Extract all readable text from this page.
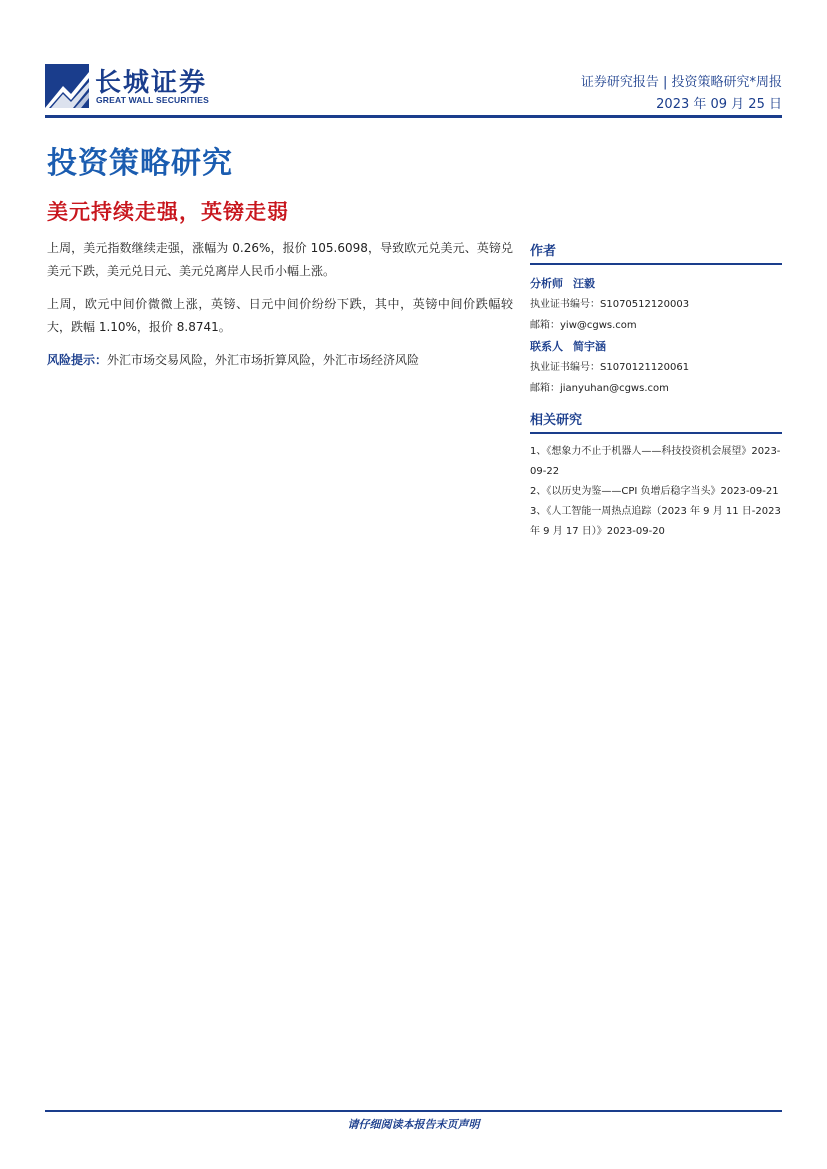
长城证券
GREAT WALL SECURITIES
证券研究报告 | 投资策略研究*周报
2023 年 09 月 25 日
投资策略研究
美元持续走强，英镑走弱

上周，美元指数继续走强，涨幅为 0.26%，报价 105.6098，导致欧元兑美元、英镑兑美元下跌，美元兑日元、美元兑离岸人民币小幅上涨。

上周，欧元中间价微微上涨，英镑、日元中间价纷纷下跌，其中，英镑中间价跌幅较大，跌幅 1.10%，报价 8.8741。

风险提示：外汇市场交易风险，外汇市场折算风险，外汇市场经济风险

作者
分析师 汪毅
执业证书编号：S1070512120003
邮箱：yiw@cgws.com
联系人 简宇涵
执业证书编号：S1070121120061
邮箱：jianyuhan@cgws.com
相关研究
1、《想象力不止于机器人——科技投资机会展望》2023-09-22
2、《以历史为鉴——CPI 负增后稳字当头》2023-09-21
3、《人工智能一周热点追踪（2023 年 9 月 11 日-2023 年 9 月 17 日）》2023-09-20
请仔细阅读本报告末页声明
